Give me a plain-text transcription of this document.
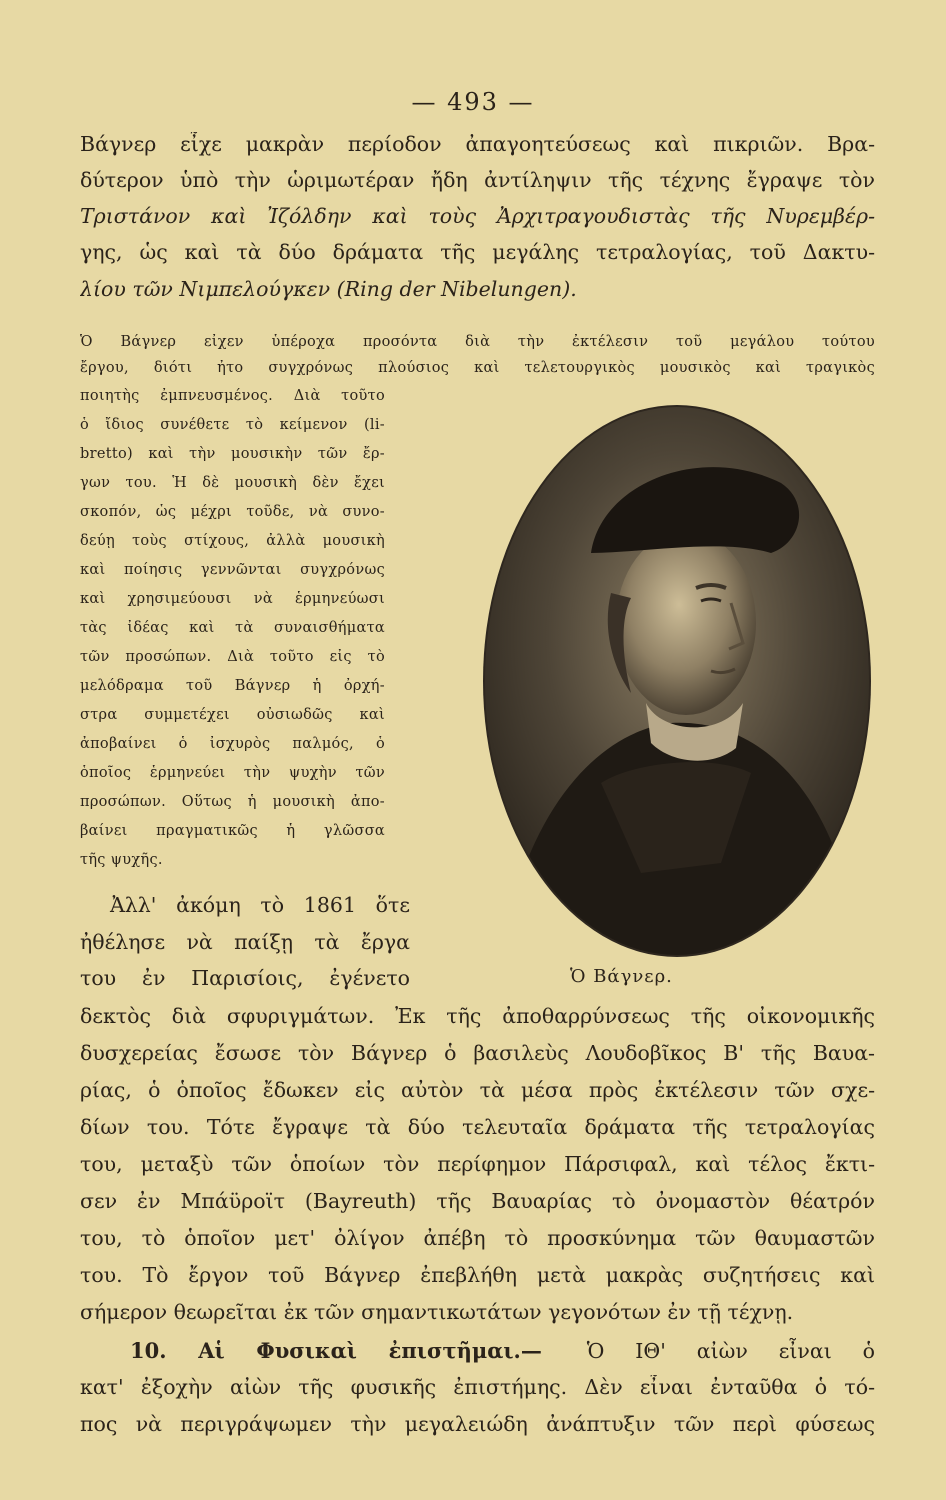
— 493 —
Βάγνερ εἶχε μακρὰν περίοδον ἀπαγοητεύσεως καὶ πικριῶν. Βρα-
δύτερον ὑπὸ τὴν ὡριμωτέραν ἤδη ἀντίληψιν τῆς τέχνης ἔγραψε τὸν
Τριστάνον καὶ Ἰζόλδην καὶ τοὺς Ἀρχιτραγουδιστὰς τῆς Νυρεμβέρ-
γης, ὡς καὶ τὰ δύο δράματα τῆς μεγάλης τετραλογίας, τοῦ Δακτυ-
λίου τῶν Νιμπελούγκεν (Ring der Nibelungen).
Ὁ Βάγνερ εἶχεν ὑπέροχα προσόντα διὰ τὴν ἐκτέλεσιν τοῦ μεγάλου τούτου
ἔργου, διότι ἦτο συγχρόνως πλούσιος καὶ τελετουργικὸς μουσικὸς καὶ τραγικὸς
ποιητὴς ἐμπνευσμένος. Διὰ τοῦτο
ὁ ἴδιος συνέθετε τὸ κείμενον (li-
bretto) καὶ τὴν μουσικὴν τῶν ἔρ-
γων του. Ἡ δὲ μουσικὴ δὲν ἔχει
σκοπόν, ὡς μέχρι τοῦδε, νὰ συνο-
δεύῃ τοὺς στίχους, ἀλλὰ μουσικὴ
καὶ ποίησις γεννῶνται συγχρόνως
καὶ χρησιμεύουσι νὰ ἑρμηνεύωσι
τὰς ἰδέας καὶ τὰ συναισθήματα
τῶν προσώπων. Διὰ τοῦτο εἰς τὸ
μελόδραμα τοῦ Βάγνερ ἡ ὀρχή-
στρα συμμετέχει οὐσιωδῶς καὶ
ἀποβαίνει ὁ ἰσχυρὸς παλμός, ὁ
ὁποῖος ἑρμηνεύει τὴν ψυχὴν τῶν
προσώπων. Οὕτως ἡ μουσικὴ ἀπο-
βαίνει πραγματικῶς ἡ γλῶσσα
τῆς ψυχῆς.
Ἀλλ' ἀκόμη τὸ 1861 ὅτε
ἠθέλησε νὰ παίξῃ τὰ ἔργα
του ἐν Παρισίοις, ἐγένετο	Ὁ Βάγνερ.
δεκτὸς διὰ σφυριγμάτων. Ἐκ τῆς ἀποθαρρύνσεως τῆς οἰκονομικῆς
δυσχερείας ἔσωσε τὸν Βάγνερ ὁ βασιλεὺς Λουδοβῖκος Β' τῆς Βαυα-
ρίας, ὁ ὁποῖος ἔδωκεν εἰς αὐτὸν τὰ μέσα πρὸς ἐκτέλεσιν τῶν σχε-
δίων του. Τότε ἔγραψε τὰ δύο τελευταῖα δράματα τῆς τετραλογίας
του, μεταξὺ τῶν ὁποίων τὸν περίφημον Πάρσιφαλ, καὶ τέλος ἔκτι-
σεν ἐν Μπάϋροϊτ (Bayreuth) τῆς Βαυαρίας τὸ ὀνομαστὸν θέατρόν
του, τὸ ὁποῖον μετ' ὀλίγον ἀπέβη τὸ προσκύνημα τῶν θαυμαστῶν
του. Τὸ ἔργον τοῦ Βάγνερ ἐπεβλήθη μετὰ μακρὰς συζητήσεις καὶ
σήμερον θεωρεῖται ἐκ τῶν σημαντικωτάτων γεγονότων ἐν τῇ τέχνῃ.
10. Αἱ Φυσικαὶ ἐπιστῆμαι.— Ὁ ΙΘ' αἰὼν εἶναι ὁ
κατ' ἐξοχὴν αἰὼν τῆς φυσικῆς ἐπιστήμης. Δὲν εἶναι ἐνταῦθα ὁ τό-
πος νὰ περιγράψωμεν τὴν μεγαλειώδη ἀνάπτυξιν τῶν περὶ φύσεως
